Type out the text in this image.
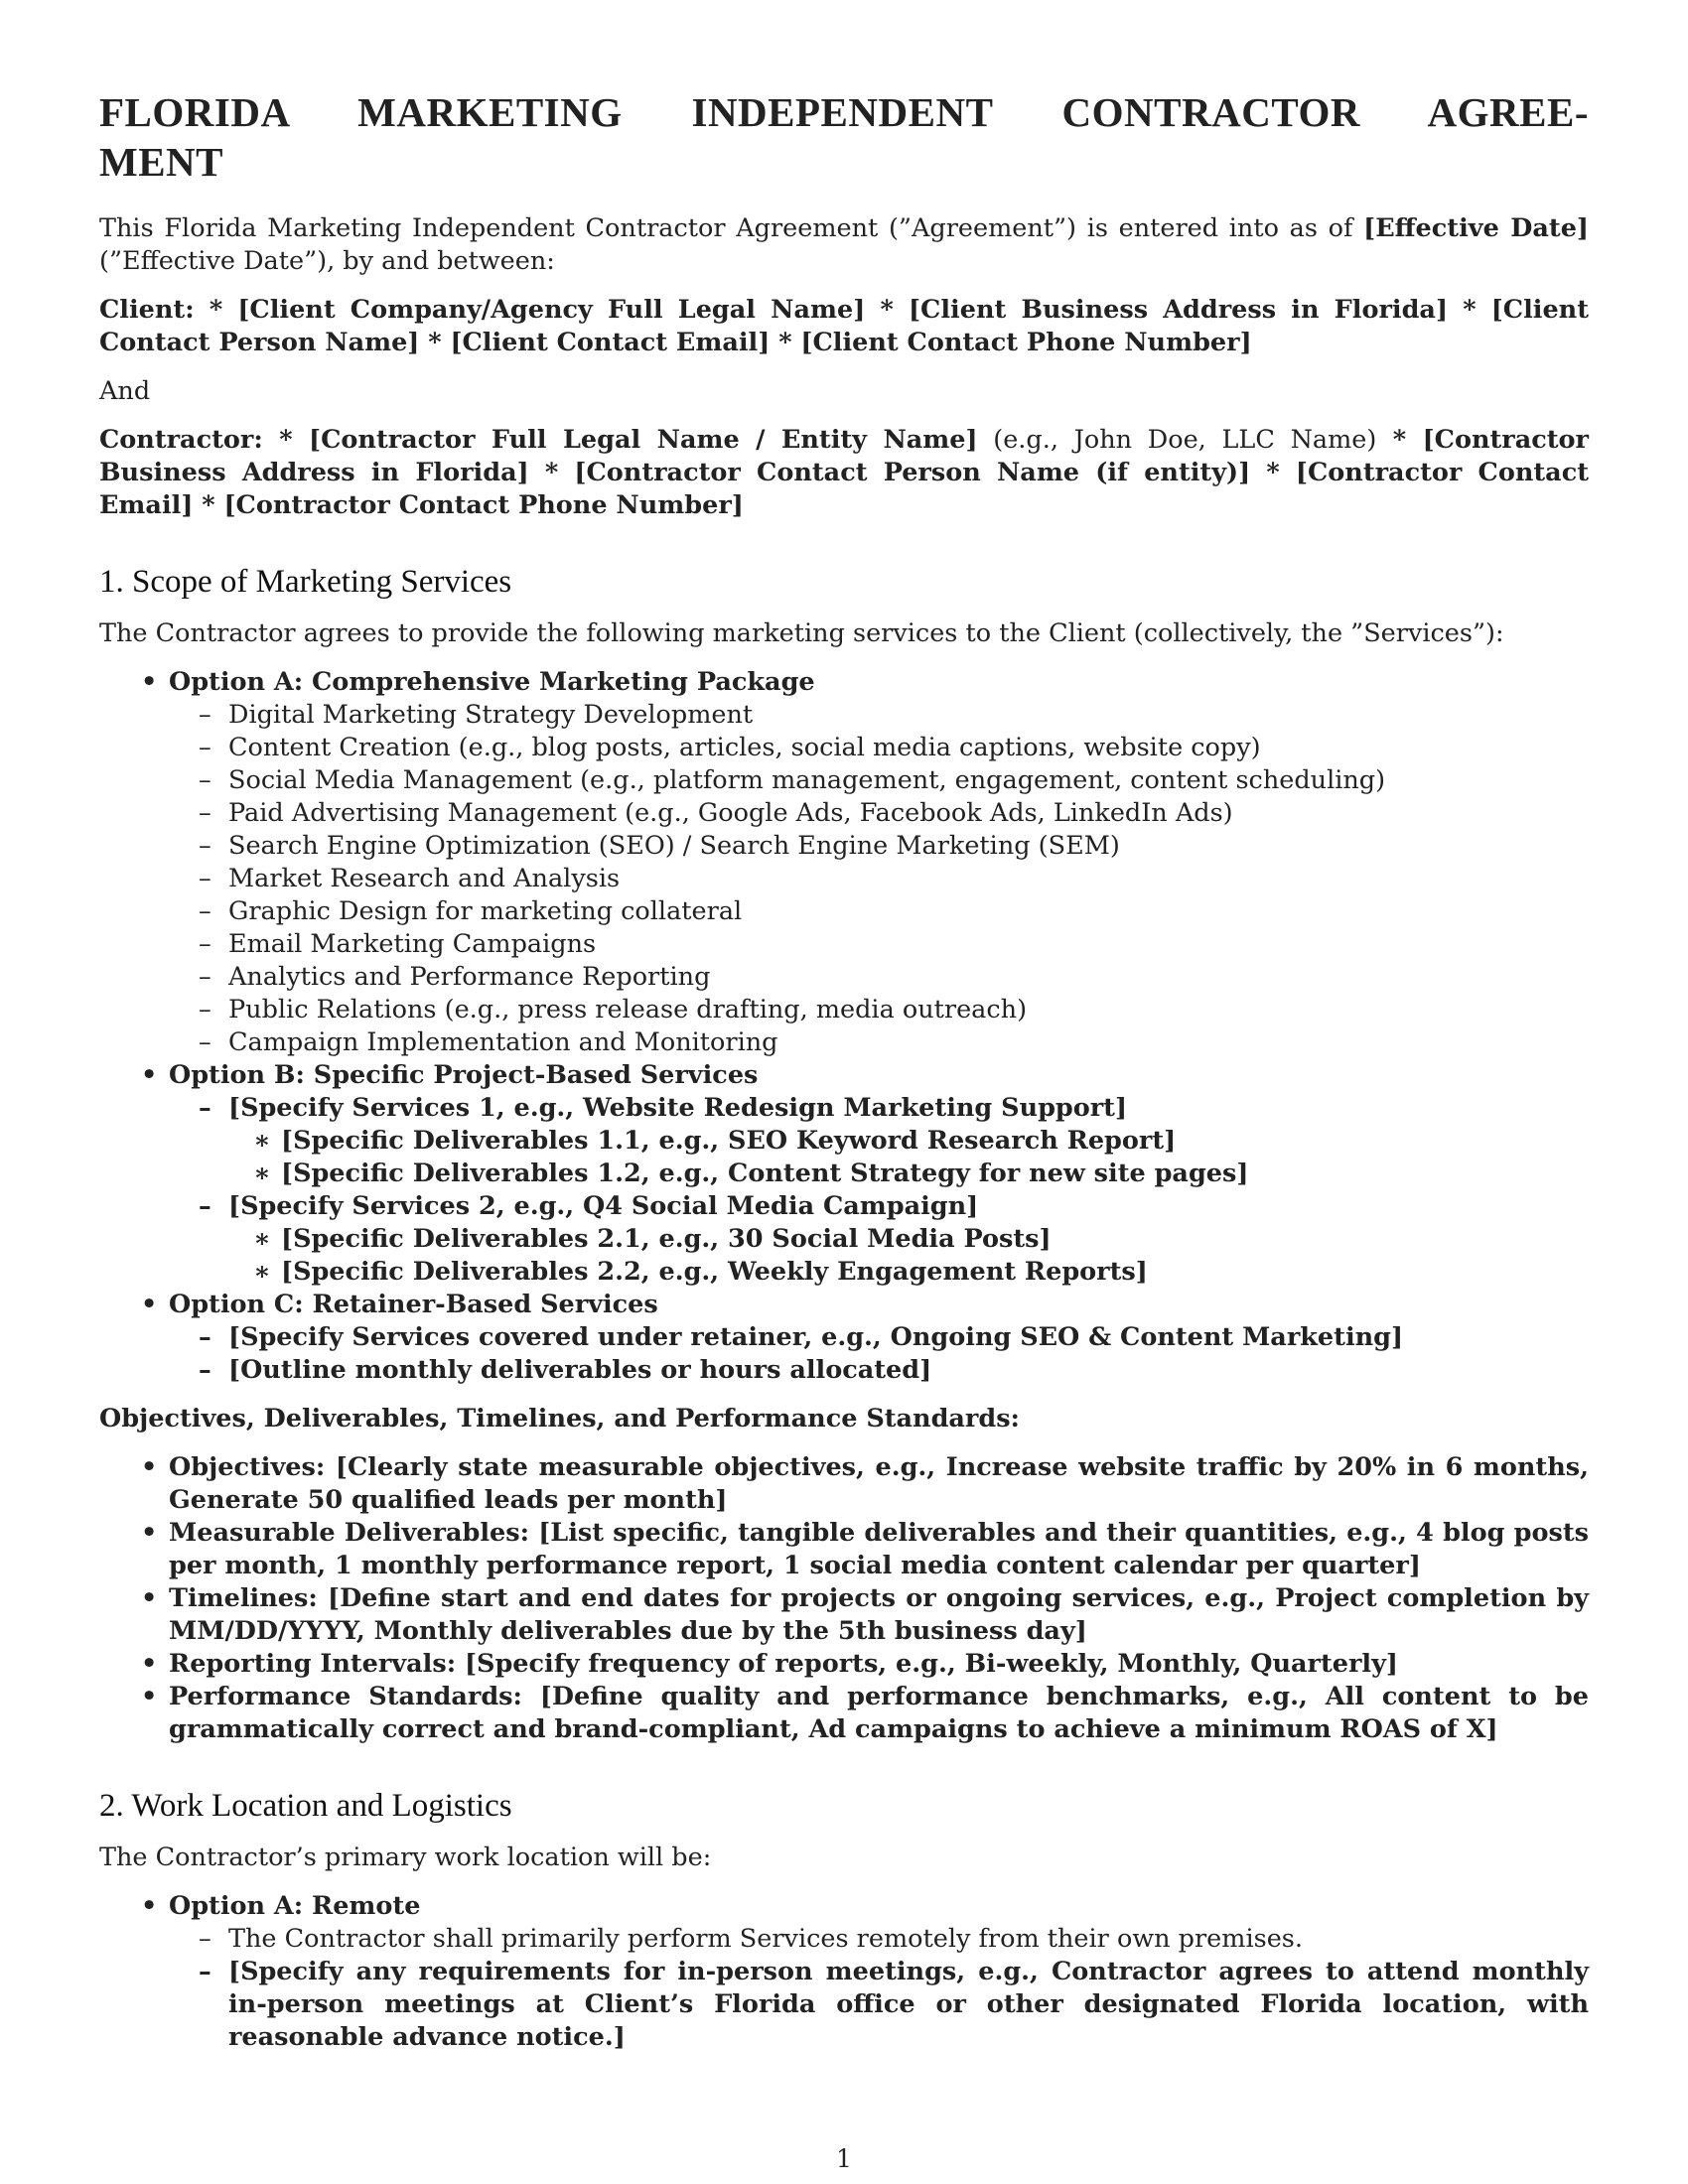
FLORIDA MARKETING INDEPENDENT CONTRACTOR AGREE-
MENT

This Florida Marketing Independent Contractor Agreement (”Agreement”) is entered into as of [Effective Date] (”Effective Date”), by and between:

Client: * [Client Company/Agency Full Legal Name] * [Client Business Address in Florida] * [Client Contact Person Name] * [Client Contact Email] * [Client Contact Phone Number]

And

Contractor: * [Contractor Full Legal Name / Entity Name] (e.g., John Doe, LLC Name) * [Contractor Business Address in Florida] * [Contractor Contact Person Name (if entity)] * [Contractor Contact Email] * [Contractor Contact Phone Number]

1. Scope of Marketing Services

The Contractor agrees to provide the following marketing services to the Client (collectively, the ”Services”):

• Option A: Comprehensive Marketing Package
– Digital Marketing Strategy Development
– Content Creation (e.g., blog posts, articles, social media captions, website copy)
– Social Media Management (e.g., platform management, engagement, content scheduling)
– Paid Advertising Management (e.g., Google Ads, Facebook Ads, LinkedIn Ads)
– Search Engine Optimization (SEO) / Search Engine Marketing (SEM)
– Market Research and Analysis
– Graphic Design for marketing collateral
– Email Marketing Campaigns
– Analytics and Performance Reporting
– Public Relations (e.g., press release drafting, media outreach)
– Campaign Implementation and Monitoring
• Option B: Specific Project-Based Services
– [Specify Services 1, e.g., Website Redesign Marketing Support]
∗ [Specific Deliverables 1.1, e.g., SEO Keyword Research Report]
∗ [Specific Deliverables 1.2, e.g., Content Strategy for new site pages]
– [Specify Services 2, e.g., Q4 Social Media Campaign]
∗ [Specific Deliverables 2.1, e.g., 30 Social Media Posts]
∗ [Specific Deliverables 2.2, e.g., Weekly Engagement Reports]
• Option C: Retainer-Based Services
– [Specify Services covered under retainer, e.g., Ongoing SEO & Content Marketing]
– [Outline monthly deliverables or hours allocated]

Objectives, Deliverables, Timelines, and Performance Standards:

• Objectives: [Clearly state measurable objectives, e.g., Increase website traffic by 20% in 6 months, Generate 50 qualified leads per month]
• Measurable Deliverables: [List specific, tangible deliverables and their quantities, e.g., 4 blog posts per month, 1 monthly performance report, 1 social media content calendar per quarter]
• Timelines: [Define start and end dates for projects or ongoing services, e.g., Project completion by MM/DD/YYYY, Monthly deliverables due by the 5th business day]
• Reporting Intervals: [Specify frequency of reports, e.g., Bi-weekly, Monthly, Quarterly]
• Performance Standards: [Define quality and performance benchmarks, e.g., All content to be grammatically correct and brand-compliant, Ad campaigns to achieve a minimum ROAS of X]
2. Work Location and Logistics

The Contractor’s primary work location will be:

• Option A: Remote
– The Contractor shall primarily perform Services remotely from their own premises.
– [Specify any requirements for in-person meetings, e.g., Contractor agrees to attend monthly in-person meetings at Client’s Florida office or other designated Florida location, with reasonable advance notice.]
1
